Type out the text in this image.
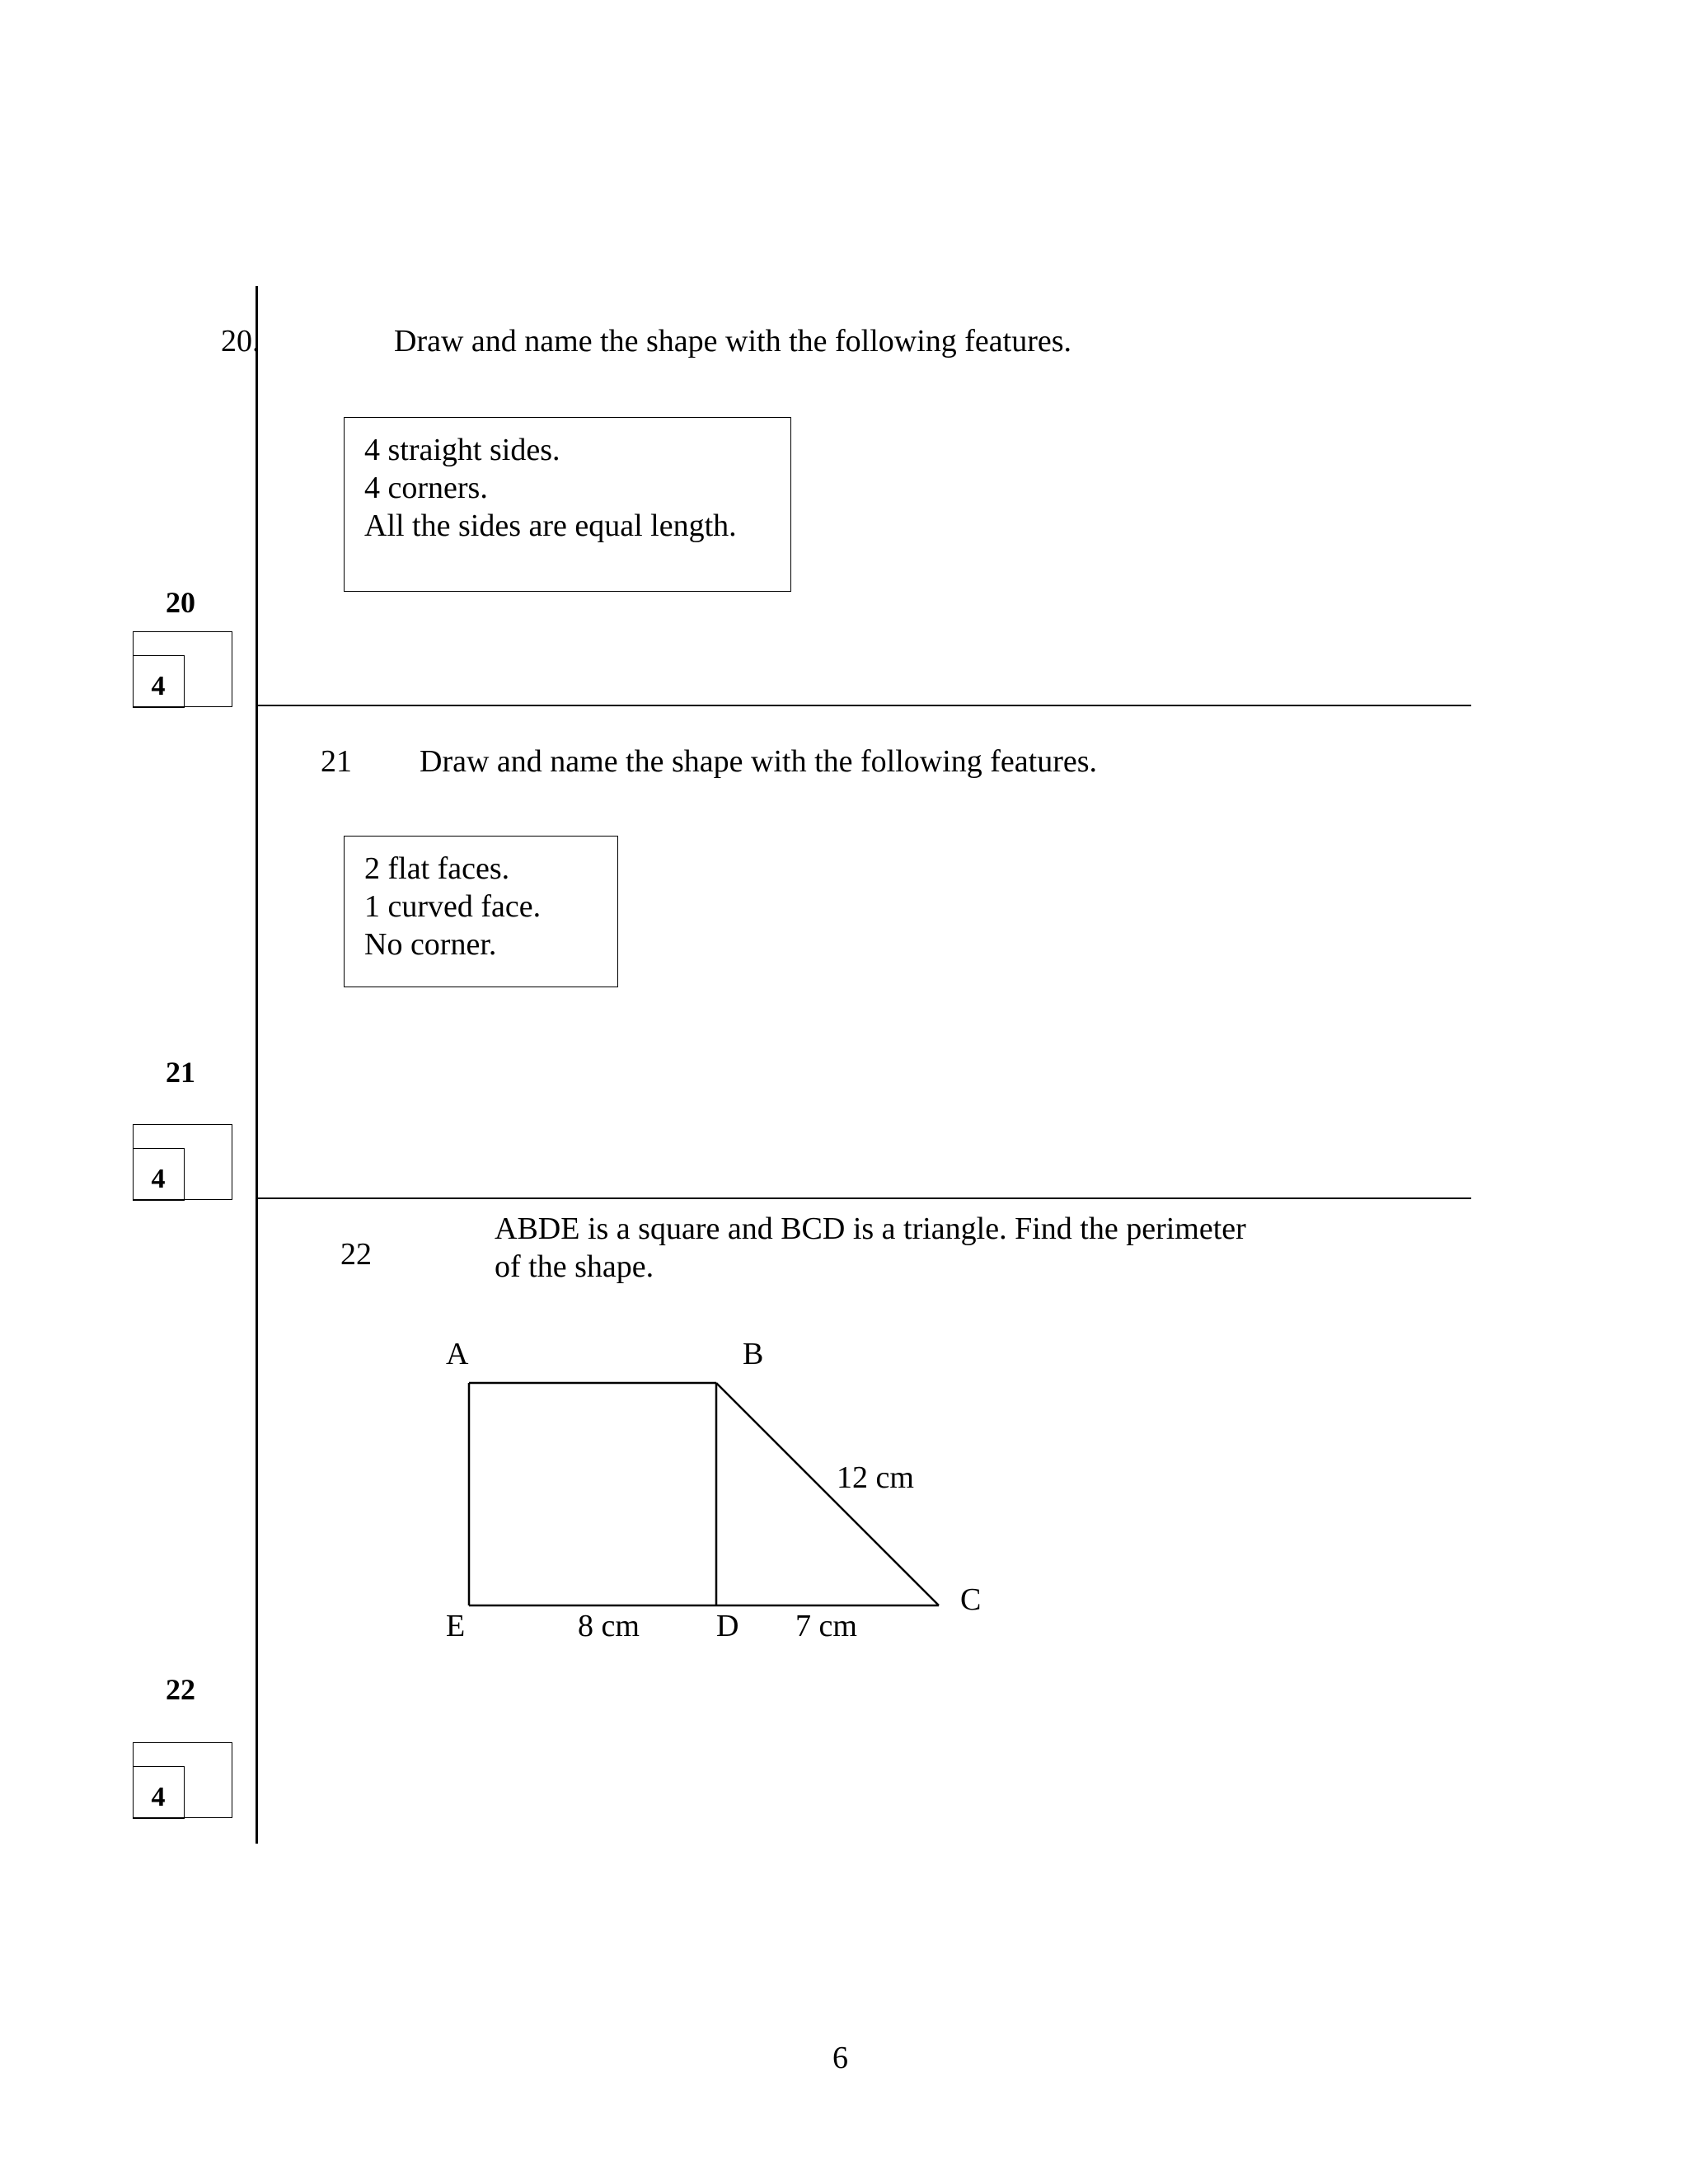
20.	Draw and name the shape with the following features.
4 straight sides.
4 corners.
All the sides are equal length.
20
4
21 Draw and name the shape with the following features.
2 flat faces.
1 curved face.
No corner.
21
4
22
ABDE is a square and BCD is a triangle. Find the perimeter
of the shape.
A	B
C
D
E	8 cm	7 cm
12 cm
22
4
6
